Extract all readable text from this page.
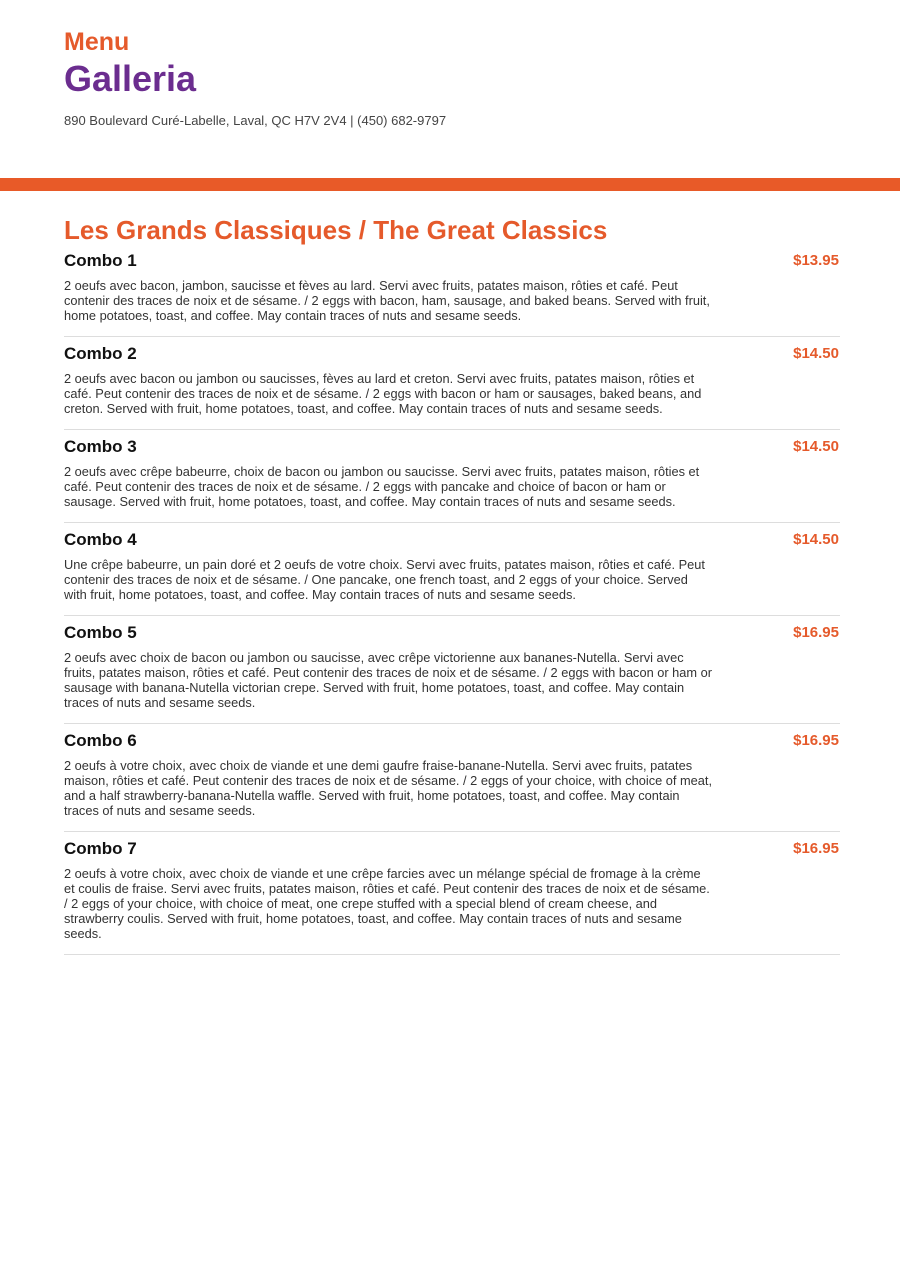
Menu
Galleria
890 Boulevard Curé-Labelle, Laval, QC H7V 2V4 | (450) 682-9797
Les Grands Classiques / The Great Classics
Combo 1	$13.95
2 oeufs avec bacon, jambon, saucisse et fèves au lard. Servi avec fruits, patates maison, rôties et café. Peut contenir des traces de noix et de sésame. / 2 eggs with bacon, ham, sausage, and baked beans. Served with fruit, home potatoes, toast, and coffee. May contain traces of nuts and sesame seeds.
Combo 2	$14.50
2 oeufs avec bacon ou jambon ou saucisses, fèves au lard et creton. Servi avec fruits, patates maison, rôties et café. Peut contenir des traces de noix et de sésame. / 2 eggs with bacon or ham or sausages, baked beans, and creton. Served with fruit, home potatoes, toast, and coffee. May contain traces of nuts and sesame seeds.
Combo 3	$14.50
2 oeufs avec crêpe babeurre, choix de bacon ou jambon ou saucisse. Servi avec fruits, patates maison, rôties et café. Peut contenir des traces de noix et de sésame. / 2 eggs with pancake and choice of bacon or ham or sausage. Served with fruit, home potatoes, toast, and coffee. May contain traces of nuts and sesame seeds.
Combo 4	$14.50
Une crêpe babeurre, un pain doré et 2 oeufs de votre choix. Servi avec fruits, patates maison, rôties et café. Peut contenir des traces de noix et de sésame. / One pancake, one french toast, and 2 eggs of your choice. Served with fruit, home potatoes, toast, and coffee. May contain traces of nuts and sesame seeds.
Combo 5	$16.95
2 oeufs avec choix de bacon ou jambon ou saucisse, avec crêpe victorienne aux bananes-Nutella. Servi avec fruits, patates maison, rôties et café. Peut contenir des traces de noix et de sésame. / 2 eggs with bacon or ham or sausage with banana-Nutella victorian crepe. Served with fruit, home potatoes, toast, and coffee. May contain traces of nuts and sesame seeds.
Combo 6	$16.95
2 oeufs à votre choix, avec choix de viande et une demi gaufre fraise-banane-Nutella. Servi avec fruits, patates maison, rôties et café. Peut contenir des traces de noix et de sésame. / 2 eggs of your choice, with choice of meat, and a half strawberry-banana-Nutella waffle. Served with fruit, home potatoes, toast, and coffee. May contain traces of nuts and sesame seeds.
Combo 7	$16.95
2 oeufs à votre choix, avec choix de viande et une crêpe farcies avec un mélange spécial de fromage à la crème et coulis de fraise. Servi avec fruits, patates maison, rôties et café. Peut contenir des traces de noix et de sésame. / 2 eggs of your choice, with choice of meat, one crepe stuffed with a special blend of cream cheese, and strawberry coulis. Served with fruit, home potatoes, toast, and coffee. May contain traces of nuts and sesame seeds.
